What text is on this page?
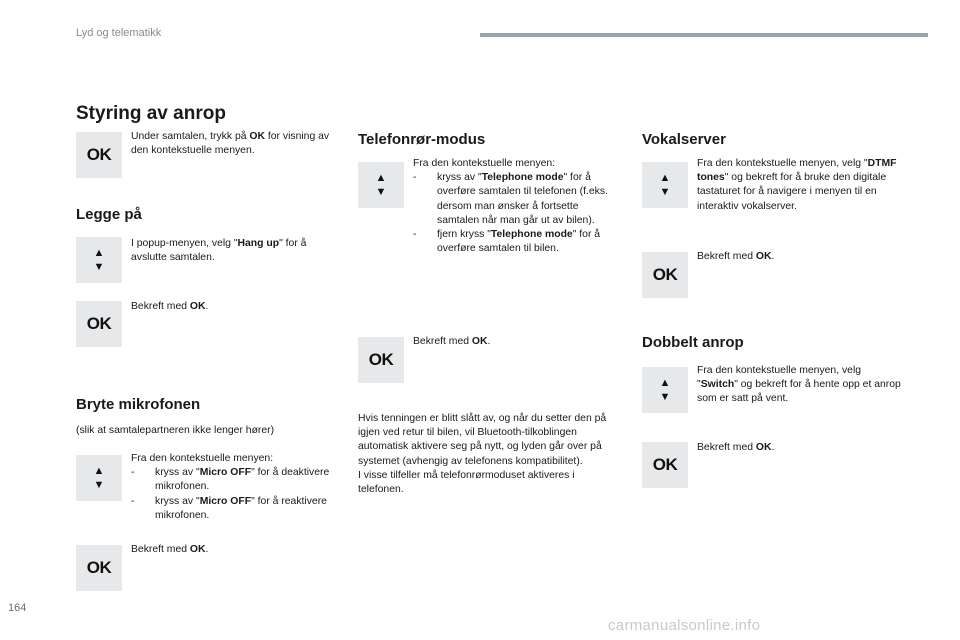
Lyd og telematikk
Styring av anrop
OK
Under samtalen, trykk på OK for visning av den kontekstuelle menyen.
Legge på
▲
▼
I popup-menyen, velg "Hang up" for å avslutte samtalen.
OK
Bekreft med OK.
Bryte mikrofonen
(slik at samtalepartneren ikke lenger hører)
▲
▼
Fra den kontekstuelle menyen:
- kryss av "Micro OFF" for å deaktivere mikrofonen.
- kryss av "Micro OFF" for å reaktivere mikrofonen.
OK
Bekreft med OK.
Telefonrør-modus
▲
▼
Fra den kontekstuelle menyen:
- kryss av "Telephone mode" for å overføre samtalen til telefonen (f.eks. dersom man ønsker å fortsette samtalen når man går ut av bilen).
- fjern kryss "Telephone mode" for å overføre samtalen til bilen.
OK
Bekreft med OK.
Hvis tenningen er blitt slått av, og når du setter den på igjen ved retur til bilen, vil Bluetooth-tilkoblingen automatisk aktivere seg på nytt, og lyden går over på systemet (avhengig av telefonens kompatibilitet).
I visse tilfeller må telefonrørmoduset aktiveres i telefonen.
Vokalserver
▲
▼
Fra den kontekstuelle menyen, velg "DTMF tones" og bekreft for å bruke den digitale tastaturet for å navigere i menyen til en interaktiv vokalserver.
OK
Bekreft med OK.
Dobbelt anrop
▲
▼
Fra den kontekstuelle menyen, velg "Switch" og bekreft for å hente opp et anrop som er satt på vent.
OK
Bekreft med OK.
164
carmanualsonline.info
